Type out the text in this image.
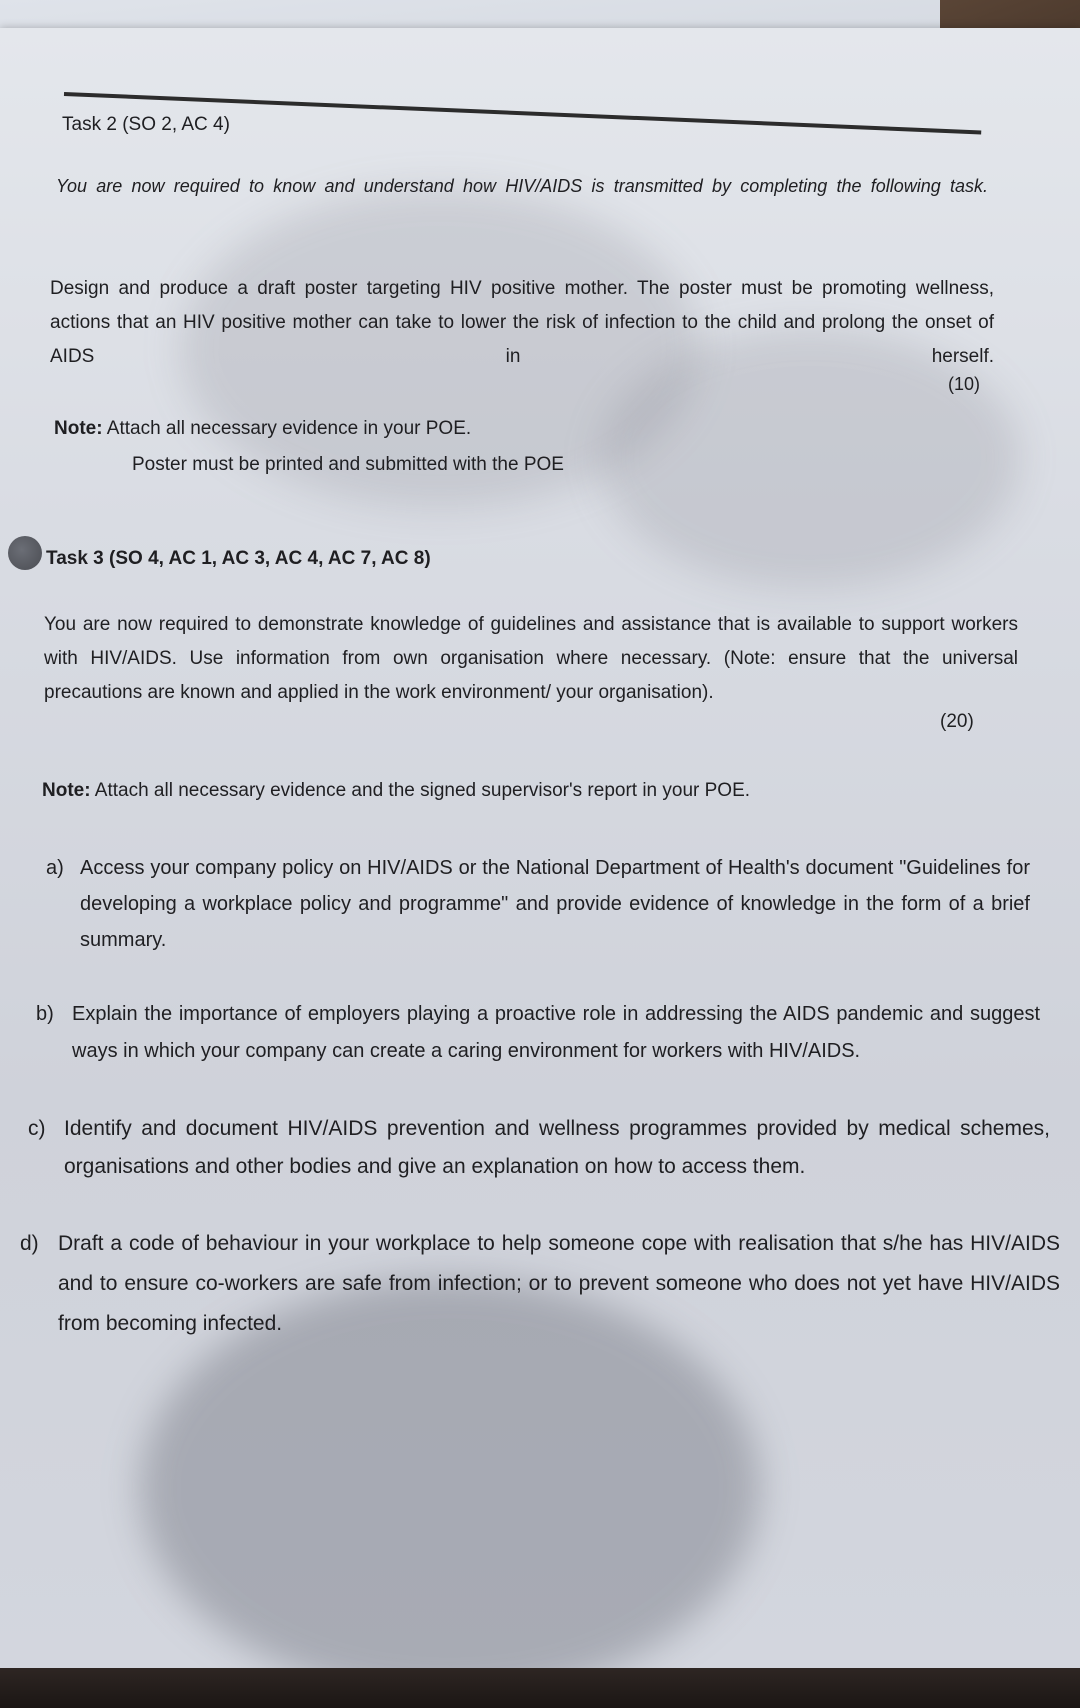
Task 2 (SO 2, AC 4)

You are now required to know and understand how HIV/AIDS is transmitted by completing the following task.

Design and produce a draft poster targeting HIV positive mother. The poster must be promoting wellness, actions that an HIV positive mother can take to lower the risk of infection to the child and prolong the onset of AIDS in herself.

(10)

Note: Attach all necessary evidence in your POE.

Poster must be printed and submitted with the POE

Task 3 (SO 4, AC 1, AC 3, AC 4, AC 7, AC 8)

You are now required to demonstrate knowledge of guidelines and assistance that is available to support workers with HIV/AIDS. Use information from own organisation where necessary. (Note: ensure that the universal precautions are known and applied in the work environment/ your organisation).

(20)

Note: Attach all necessary evidence and the signed supervisor's report in your POE.

a) Access your company policy on HIV/AIDS or the National Department of Health's document "Guidelines for developing a workplace policy and programme" and provide evidence of knowledge in the form of a brief summary.
b) Explain the importance of employers playing a proactive role in addressing the AIDS pandemic and suggest ways in which your company can create a caring environment for workers with HIV/AIDS.
c) Identify and document HIV/AIDS prevention and wellness programmes provided by medical schemes, organisations and other bodies and give an explanation on how to access them.
d) Draft a code of behaviour in your workplace to help someone cope with realisation that s/he has HIV/AIDS and to ensure co-workers are safe from infection; or to prevent someone who does not yet have HIV/AIDS from becoming infected.
